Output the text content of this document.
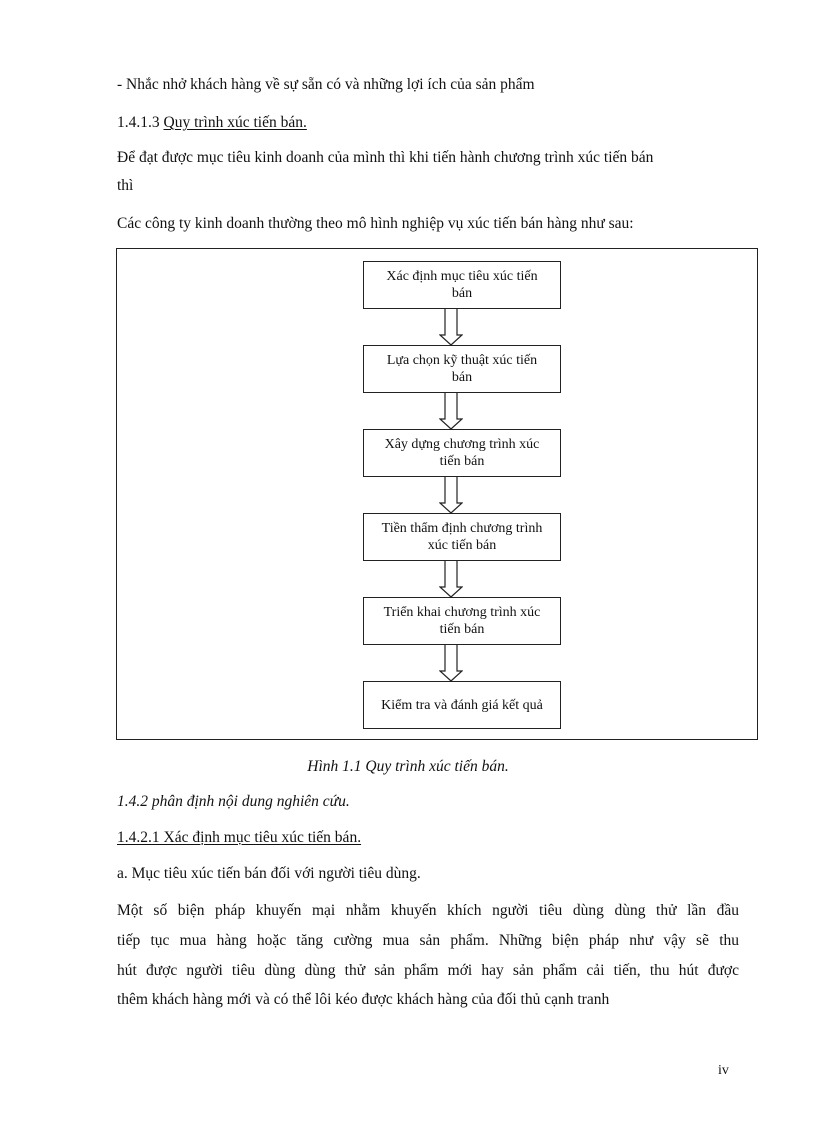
- Nhắc nhở khách hàng về sự sẵn có và những lợi ích của sản phẩm
1.4.1.3 Quy trình xúc tiến bán.
Để đạt được mục tiêu kinh doanh của mình thì khi tiến hành chương trình xúc tiến bán
thì
Các công ty kinh doanh thường theo mô hình nghiệp vụ xúc tiến bán hàng như sau:
Xác định mục tiêu xúc tiến bán
Lựa chọn kỹ thuật xúc tiến bán
Xây dựng chương trình xúc tiến bán
Tiền thẩm định chương trình xúc tiến bán
Triển khai chương trình xúc tiến bán
Kiểm tra và đánh giá kết quả
Hình 1.1 Quy trình xúc tiến bán.
1.4.2 phân định nội dung nghiên cứu.
1.4.2.1 Xác định mục tiêu xúc tiến bán.
a. Mục tiêu xúc tiến bán đối với người tiêu dùng.
Một số biện pháp khuyến mại nhằm khuyến khích người tiêu dùng dùng thử lần đầu
tiếp tục mua hàng hoặc tăng cường mua sản phẩm. Những biện pháp như vậy sẽ thu
hút được người tiêu dùng dùng thử sản phẩm mới hay sản phẩm cải tiến, thu hút được
thêm khách hàng mới và có thể lôi kéo được khách hàng của đối thủ cạnh tranh
iv
